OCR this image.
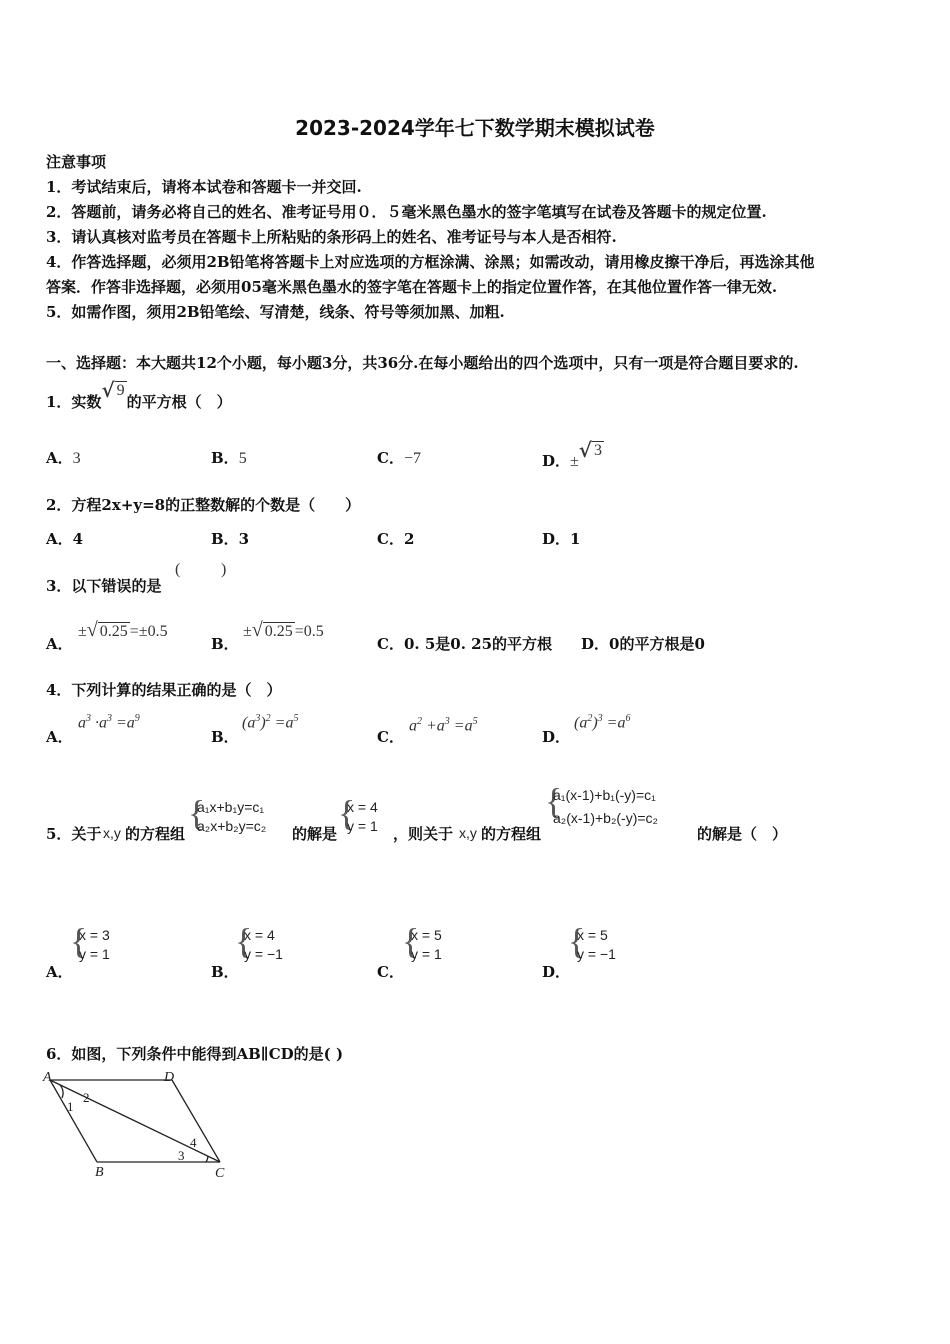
2023-2024学年七下数学期末模拟试卷
注意事项
1．考试结束后，请将本试卷和答题卡一并交回.
2．答题前，请务必将自己的姓名、准考证号用０．５毫米黑色墨水的签字笔填写在试卷及答题卡的规定位置.
3．请认真核对监考员在答题卡上所粘贴的条形码上的姓名、准考证号与本人是否相符.
4．作答选择题，必须用2B铅笔将答题卡上对应选项的方框涂满、涂黑；如需改动，请用橡皮擦干净后，再选涂其他
答案．作答非选择题，必须用05毫米黑色墨水的签字笔在答题卡上的指定位置作答，在其他位置作答一律无效.
5．如需作图，须用2B铅笔绘、写清楚，线条、符号等须加黑、加粗.
一、选择题：本大题共12个小题，每小题3分，共36分.在每小题给出的四个选项中，只有一项是符合题目要求的.
1．实数√ 9的平方根（　）
A．3	B．5	C．−7	D．±√ 3
2．方程2x+y=8的正整数解的个数是（　　）
A．4	B．3	C．2	D．1
3．以下错误的是
(	)
A．
±√ 0.25 =±0.5
B．
±√ 0.25 =0.5
C．0. 5是0. 25的平方根 D．0的平方根是0
4．下列计算的结果正确的是（　）
A．
$a^3 \cdot a^3 =a^9$
B．
$(a^3)^2 =a^5$
C．
$a^2 +a^3 =a^5$
D．
$(a^2)^3 =a^6$
5．关于 x,y 的方程组
{
a₁x+b₁y=c₁
a₂x+b₂y=c₂ 的解是
{
x = 4
y = 1 ，则关于 x,y 的方程组
{
a₁(x-1)+b₁(-y)=c₁
a₂(x-1)+b₂(-y)=c₂
的解是（　）
A．
{
x = 3
y = 1
B．
{
x = 4
y = −1
C．
{
x = 5
y = 1
D．
{
x = 5
y = −1
6．如图，下列条件中能得到AB∥CD的是( )
A	D
B	C
1
2
3
4
